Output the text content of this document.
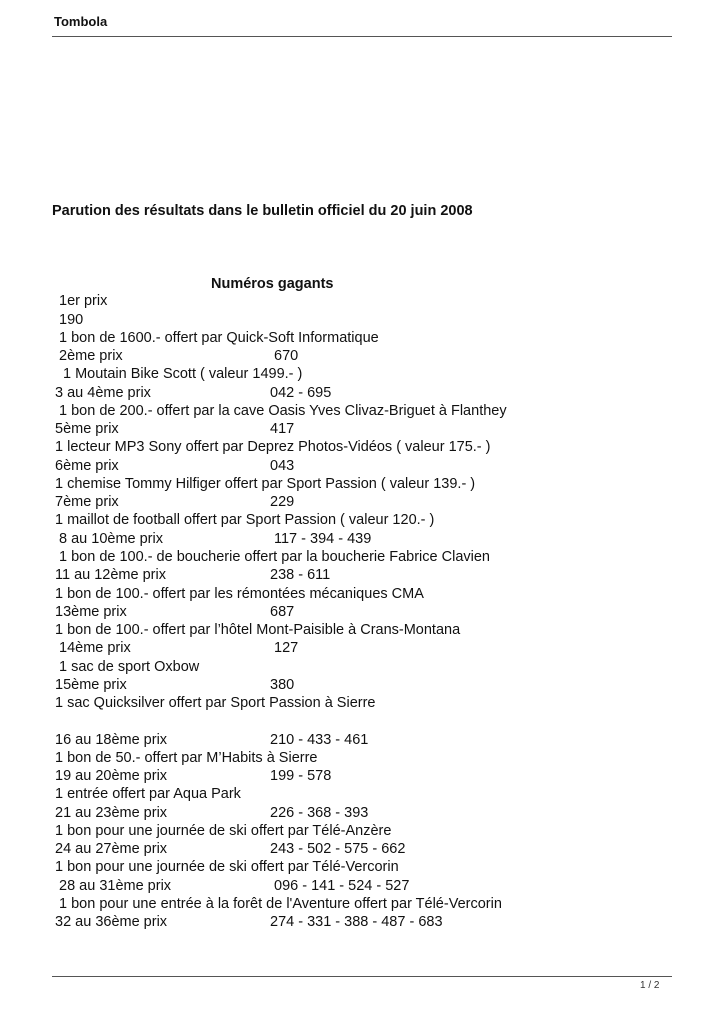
Tombola
Parution des résultats dans le bulletin officiel du 20 juin 2008
Numéros gagants
1er prix
190
1 bon de 1600.- offert par Quick-Soft Informatique
2ème prix	670
1 Moutain Bike Scott ( valeur 1499.- )
3 au 4ème prix	042 - 695
1 bon de 200.- offert par la cave Oasis Yves Clivaz-Briguet à Flanthey
5ème prix	417
1 lecteur MP3 Sony offert par Deprez Photos-Vidéos ( valeur 175.- )
6ème prix	043
1 chemise Tommy Hilfiger offert par Sport Passion ( valeur 139.- )
7ème prix	229
1 maillot de football offert par Sport Passion ( valeur 120.- )
8 au 10ème prix	117 - 394 - 439
1 bon de 100.- de boucherie offert par la boucherie Fabrice Clavien
11 au 12ème prix	238 - 611
1 bon de 100.- offert par les rémontées mécaniques CMA
13ème prix	687
1 bon de 100.- offert par l’hôtel Mont-Paisible à Crans-Montana
14ème prix	127
1 sac de sport Oxbow
15ème prix	380
1 sac Quicksilver offert par Sport Passion à Sierre
16 au 18ème prix	210 - 433 - 461
1 bon de 50.- offert par M’Habits à Sierre
19 au 20ème prix	199 - 578
1 entrée offert par Aqua Park
21 au 23ème prix	226 - 368 - 393
1 bon pour une journée de ski offert par Télé-Anzère
24 au 27ème prix	243 - 502 - 575 - 662
1 bon pour une journée de ski offert par Télé-Vercorin
28 au 31ème prix	096 - 141 - 524 - 527
1 bon pour une entrée à la forêt de l'Aventure offert par Télé-Vercorin
32 au 36ème prix	274 - 331 - 388 - 487 - 683
1 / 2
